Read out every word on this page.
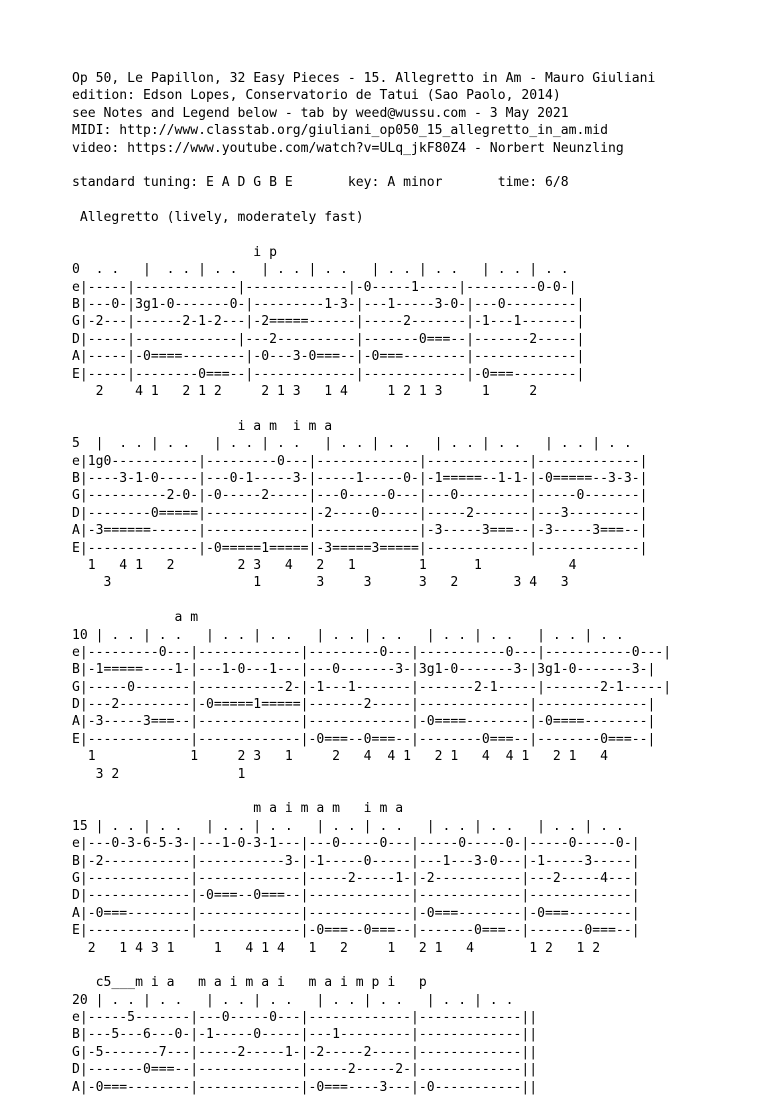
Op 50, Le Papillon, 32 Easy Pieces - 15. Allegretto in Am - Mauro Giuliani
edition: Edson Lopes, Conservatorio de Tatui (Sao Paolo, 2014)
see Notes and Legend below - tab by weed@wussu.com - 3 May 2021
MIDI: http://www.classtab.org/giuliani_op050_15_allegretto_in_am.mid
video: https://www.youtube.com/watch?v=ULq_jkF80Z4 - Norbert Neunzling
standard tuning: E A D G B E       key: A minor       time: 6/8
Allegretto (lively, moderately fast)
i p
0  . .   |  . . | . .   | . . | . .   | . . | . .   | . . | . .
e|-----|-------------|-------------|-0-----1-----|---------0-0-|
B|---0-|3g1-0-------0-|---------1-3-|---1-----3-0-|---0---------|
G|-2---|------2-1-2---|-2=====------|-----2-------|-1---1-------|
D|-----|-------------|---2----------|-------0===--|-------2-----|
A|-----|-0====--------|-0---3-0===--|-0===--------|-------------|
E|-----|--------0===--|-------------|-------------|-0===--------|
2    4 1   2 1 2     2 1 3   1 4     1 2 1 3     1     2
i a m  i m a
5  |  . . | . .   | . . | . .   | . . | . .   | . . | . .   | . . | . .
e|1g0-----------|---------0---|-------------|-------------|-------------|
B|----3-1-0-----|---0-1-----3-|-----1-----0-|-1=====--1-1-|-0=====--3-3-|
G|----------2-0-|-0-----2-----|---0-----0---|---0---------|-----0-------|
D|--------0=====|-------------|-2-----0-----|-----2-------|---3---------|
A|-3======------|-------------|-------------|-3-----3===--|-3-----3===--|
E|--------------|-0=====1=====|-3=====3=====|-------------|-------------|
1   4 1   2        2 3   4   2   1        1      1           4
3                  1       3     3      3   2       3 4   3
a m
10 | . . | . .   | . . | . .   | . . | . .   | . . | . .   | . . | . .
e|---------0---|-------------|---------0---|-----------0---|-----------0---|
B|-1=====----1-|---1-0---1---|---0-------3-|3g1-0-------3-|3g1-0-------3-|
G|-----0-------|-----------2-|-1---1-------|-------2-1-----|-------2-1-----|
D|---2---------|-0=====1=====|-------2-----|--------------|--------------|
A|-3-----3===--|-------------|-------------|-0====--------|-0====--------|
E|-------------|-------------|-0===--0===--|--------0===--|--------0===--|
1            1     2 3   1     2   4  4 1   2 1   4  4 1   2 1   4
3 2               1
m a i m a m   i m a
15 | . . | . .   | . . | . .   | . . | . .   | . . | . .   | . . | . .
e|---0-3-6-5-3-|---1-0-3-1---|---0-----0---|-----0-----0-|-----0-----0-|
B|-2-----------|-----------3-|-1-----0-----|---1---3-0---|-1-----3-----|
G|-------------|-------------|-----2-----1-|-2-----------|---2-----4---|
D|-------------|-0===--0===--|-------------|-------------|-------------|
A|-0===--------|-------------|-------------|-0===--------|-0===--------|
E|-------------|-------------|-0===--0===--|-------0===--|-------0===--|
2   1 4 3 1     1   4 1 4   1   2     1   2 1   4       1 2   1 2
c5___m i a   m a i m a i   m a i m p i   p
20 | . . | . .   | . . | . .   | . . | . .   | . . | . .
e|-----5-------|---0-----0---|-------------|-------------||
B|---5---6---0-|-1-----0-----|---1---------|-------------||
G|-5-------7---|-----2-----1-|-2-----2-----|-------------||
D|-------0===--|-------------|-----2-----2-|-------------||
A|-0===--------|-------------|-0===----3---|-0-----------||
